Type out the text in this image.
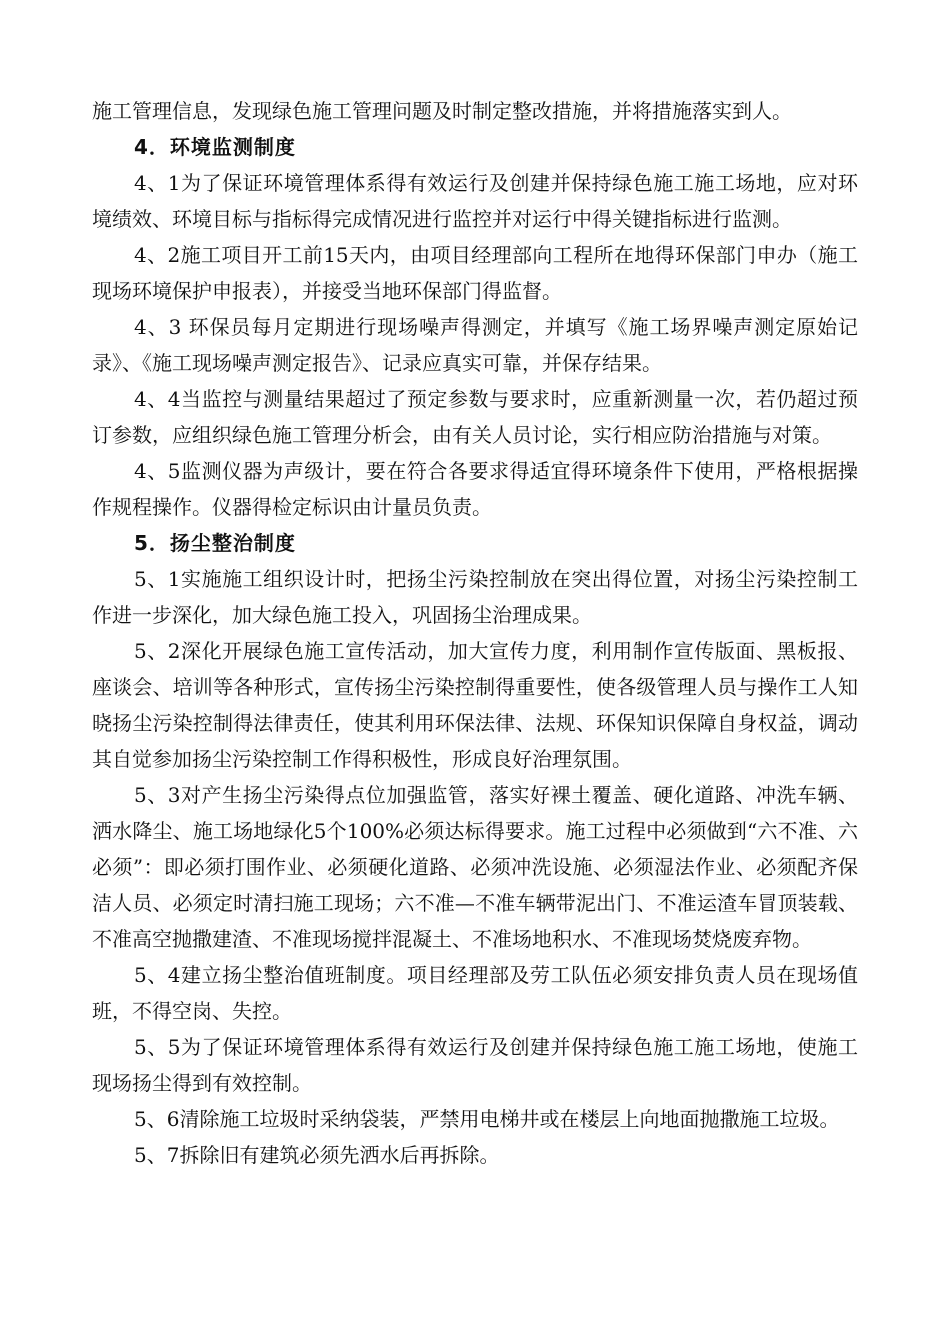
施工管理信息，发现绿色施工管理问题及时制定整改措施，并将措施落实到人。

4．环境监测制度

4、1为了保证环境管理体系得有效运行及创建并保持绿色施工施工场地，应对环境绩效、环境目标与指标得完成情况进行监控并对运行中得关键指标进行监测。

4、2施工项目开工前15天内，由项目经理部向工程所在地得环保部门申办（施工现场环境保护申报表），并接受当地环保部门得监督。

4、3 环保员每月定期进行现场噪声得测定，并填写《施工场界噪声测定原始记录》、《施工现场噪声测定报告》、记录应真实可靠，并保存结果。

4、4当监控与测量结果超过了预定参数与要求时，应重新测量一次，若仍超过预订参数，应组织绿色施工管理分析会，由有关人员讨论，实行相应防治措施与对策。

4、5监测仪器为声级计，要在符合各要求得适宜得环境条件下使用，严格根据操作规程操作。仪器得检定标识由计量员负责。

5．扬尘整治制度

5、1实施施工组织设计时，把扬尘污染控制放在突出得位置，对扬尘污染控制工作进一步深化，加大绿色施工投入，巩固扬尘治理成果。

5、2深化开展绿色施工宣传活动，加大宣传力度，利用制作宣传版面、黑板报、座谈会、培训等各种形式，宣传扬尘污染控制得重要性，使各级管理人员与操作工人知晓扬尘污染控制得法律责任，使其利用环保法律、法规、环保知识保障自身权益，调动其自觉参加扬尘污染控制工作得积极性，形成良好治理氛围。

5、3对产生扬尘污染得点位加强监管，落实好裸土覆盖、硬化道路、冲洗车辆、洒水降尘、施工场地绿化5个100%必须达标得要求。施工过程中必须做到“六不准、六必须”：即必须打围作业、必须硬化道路、必须冲洗设施、必须湿法作业、必须配齐保洁人员、必须定时清扫施工现场；六不准—不准车辆带泥出门、不准运渣车冒顶装载、不准高空抛撒建渣、不准现场搅拌混凝土、不准场地积水、不准现场焚烧废弃物。

5、4建立扬尘整治值班制度。项目经理部及劳工队伍必须安排负责人员在现场值班，不得空岗、失控。

5、5为了保证环境管理体系得有效运行及创建并保持绿色施工施工场地，使施工现场扬尘得到有效控制。

5、6清除施工垃圾时采纳袋装，严禁用电梯井或在楼层上向地面抛撒施工垃圾。

5、7拆除旧有建筑必须先洒水后再拆除。
